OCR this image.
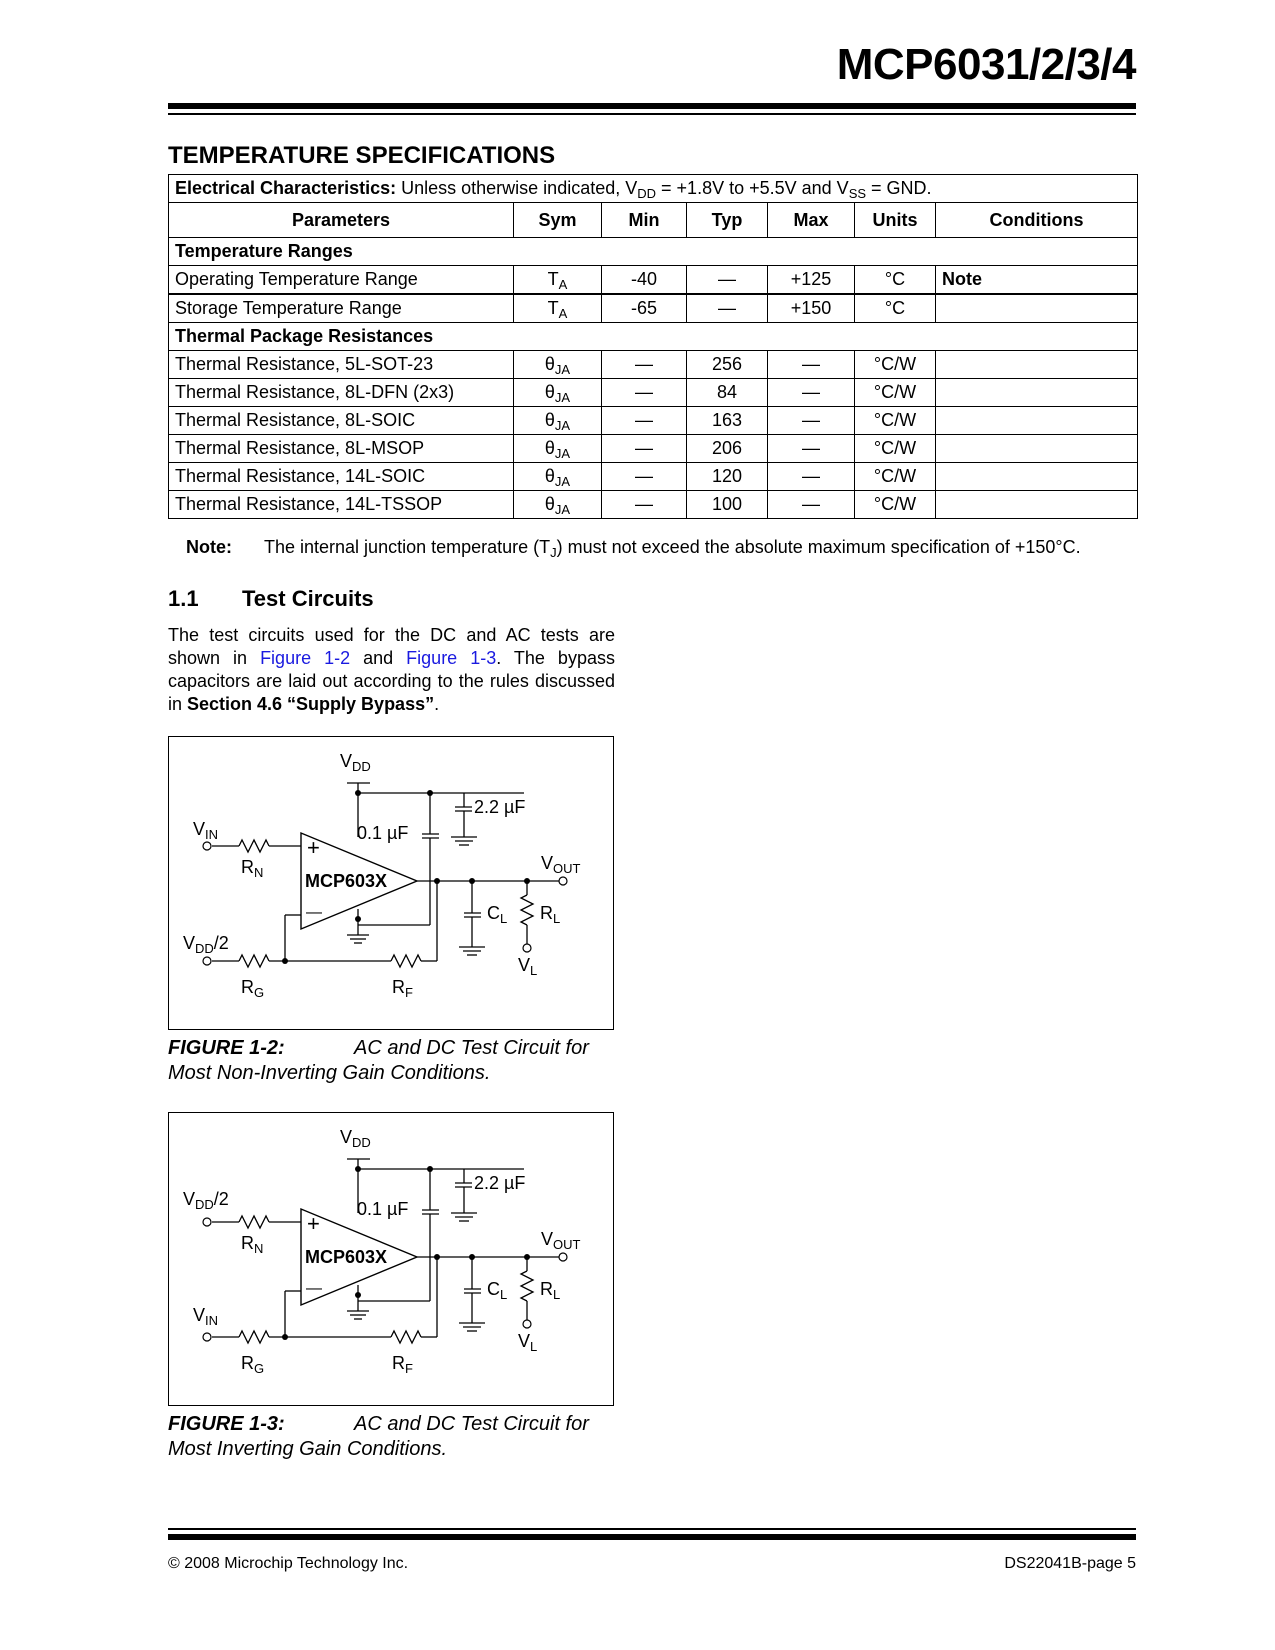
MCP6031/2/3/4
TEMPERATURE SPECIFICATIONS
Electrical Characteristics: Unless otherwise indicated, $V_{DD} = +1.8V$ to +5.5V and $V_{SS}$ = GND.						
Parameters	Sym	Min	Typ	Max	Units	Conditions
Temperature Ranges						
Operating Temperature Range	$T_A$	-40	—	+125	°C	Note
Storage Temperature Range	$T_A$	-65	—	+150	°C	
Thermal Package Resistances						
Thermal Resistance, 5L-SOT-23	$\theta_{JA}$	—	256	—	°C/W	
Thermal Resistance, 8L-DFN (2x3)	$\theta_{JA}$	—	84	—	°C/W	
Thermal Resistance, 8L-SOIC	$\theta_{JA}$	—	163	—	°C/W	
Thermal Resistance, 8L-MSOP	$\theta_{JA}$	—	206	—	°C/W	
Thermal Resistance, 14L-SOIC	$\theta_{JA}$	—	120	—	°C/W	
Thermal Resistance, 14L-TSSOP	$\theta_{JA}$	—	100	—	°C/W	
Note: The internal junction temperature $(T_J)$ must not exceed the absolute maximum specification of +150°C.
1.1 Test Circuits
The test circuits used for the DC and AC tests are shown in Figure 1-2 and Figure 1-3. The bypass capacitors are laid out according to the rules discussed in Section 4.6 “Supply Bypass”.
$V_{DD}$
2.2 µF
0.1 µF
$V_{IN}$
$R_N$
+
—
MCP603X
$V_{OUT}$
$C_L$ $R_L$
$V_L$
$V_{DD}/2$
$R_G$	$R_F$
FIGURE 1-2:	AC and DC Test Circuit for
Most Non-Inverting Gain Conditions.
$V_{DD}$
2.2 µF
0.1 µF
$V_{DD}/2$
$R_N$
+
—
MCP603X
$V_{OUT}$
$C_L$ $R_L$
$V_L$
$V_{IN}$
$R_G$	$R_F$
FIGURE 1-3:	AC and DC Test Circuit for
Most Inverting Gain Conditions.
© 2008 Microchip Technology Inc.	DS22041B-page 5
